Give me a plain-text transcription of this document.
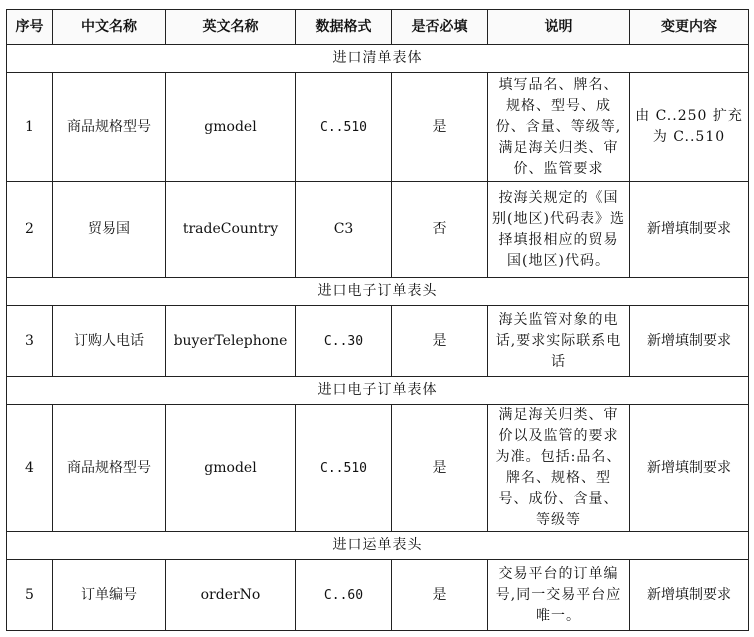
序号	中文名称	英文名称	数据格式	是否必填	说明	变更内容
进口清单表体						
1	商品规格型号	gmodel	C..510	是	填写品名、牌名、规格、型号、成份、含量、等级等,满足海关归类、审价、监管要求	由 C..250 扩充为 C..510
2	贸易国	tradeCountry	C3	否	按海关规定的《国别(地区)代码表》选择填报相应的贸易国(地区)代码。	新增填制要求
进口电子订单表头						
3	订购人电话	buyerTelephone	C..30	是	海关监管对象的电话,要求实际联系电话	新增填制要求
进口电子订单表体						
4	商品规格型号	gmodel	C..510	是	满足海关归类、审价以及监管的要求为准。包括:品名、牌名、规格、型号、成份、含量、等级等	新增填制要求
进口运单表头						
5	订单编号	orderNo	C..60	是	交易平台的订单编号,同一交易平台应唯一。	新增填制要求
